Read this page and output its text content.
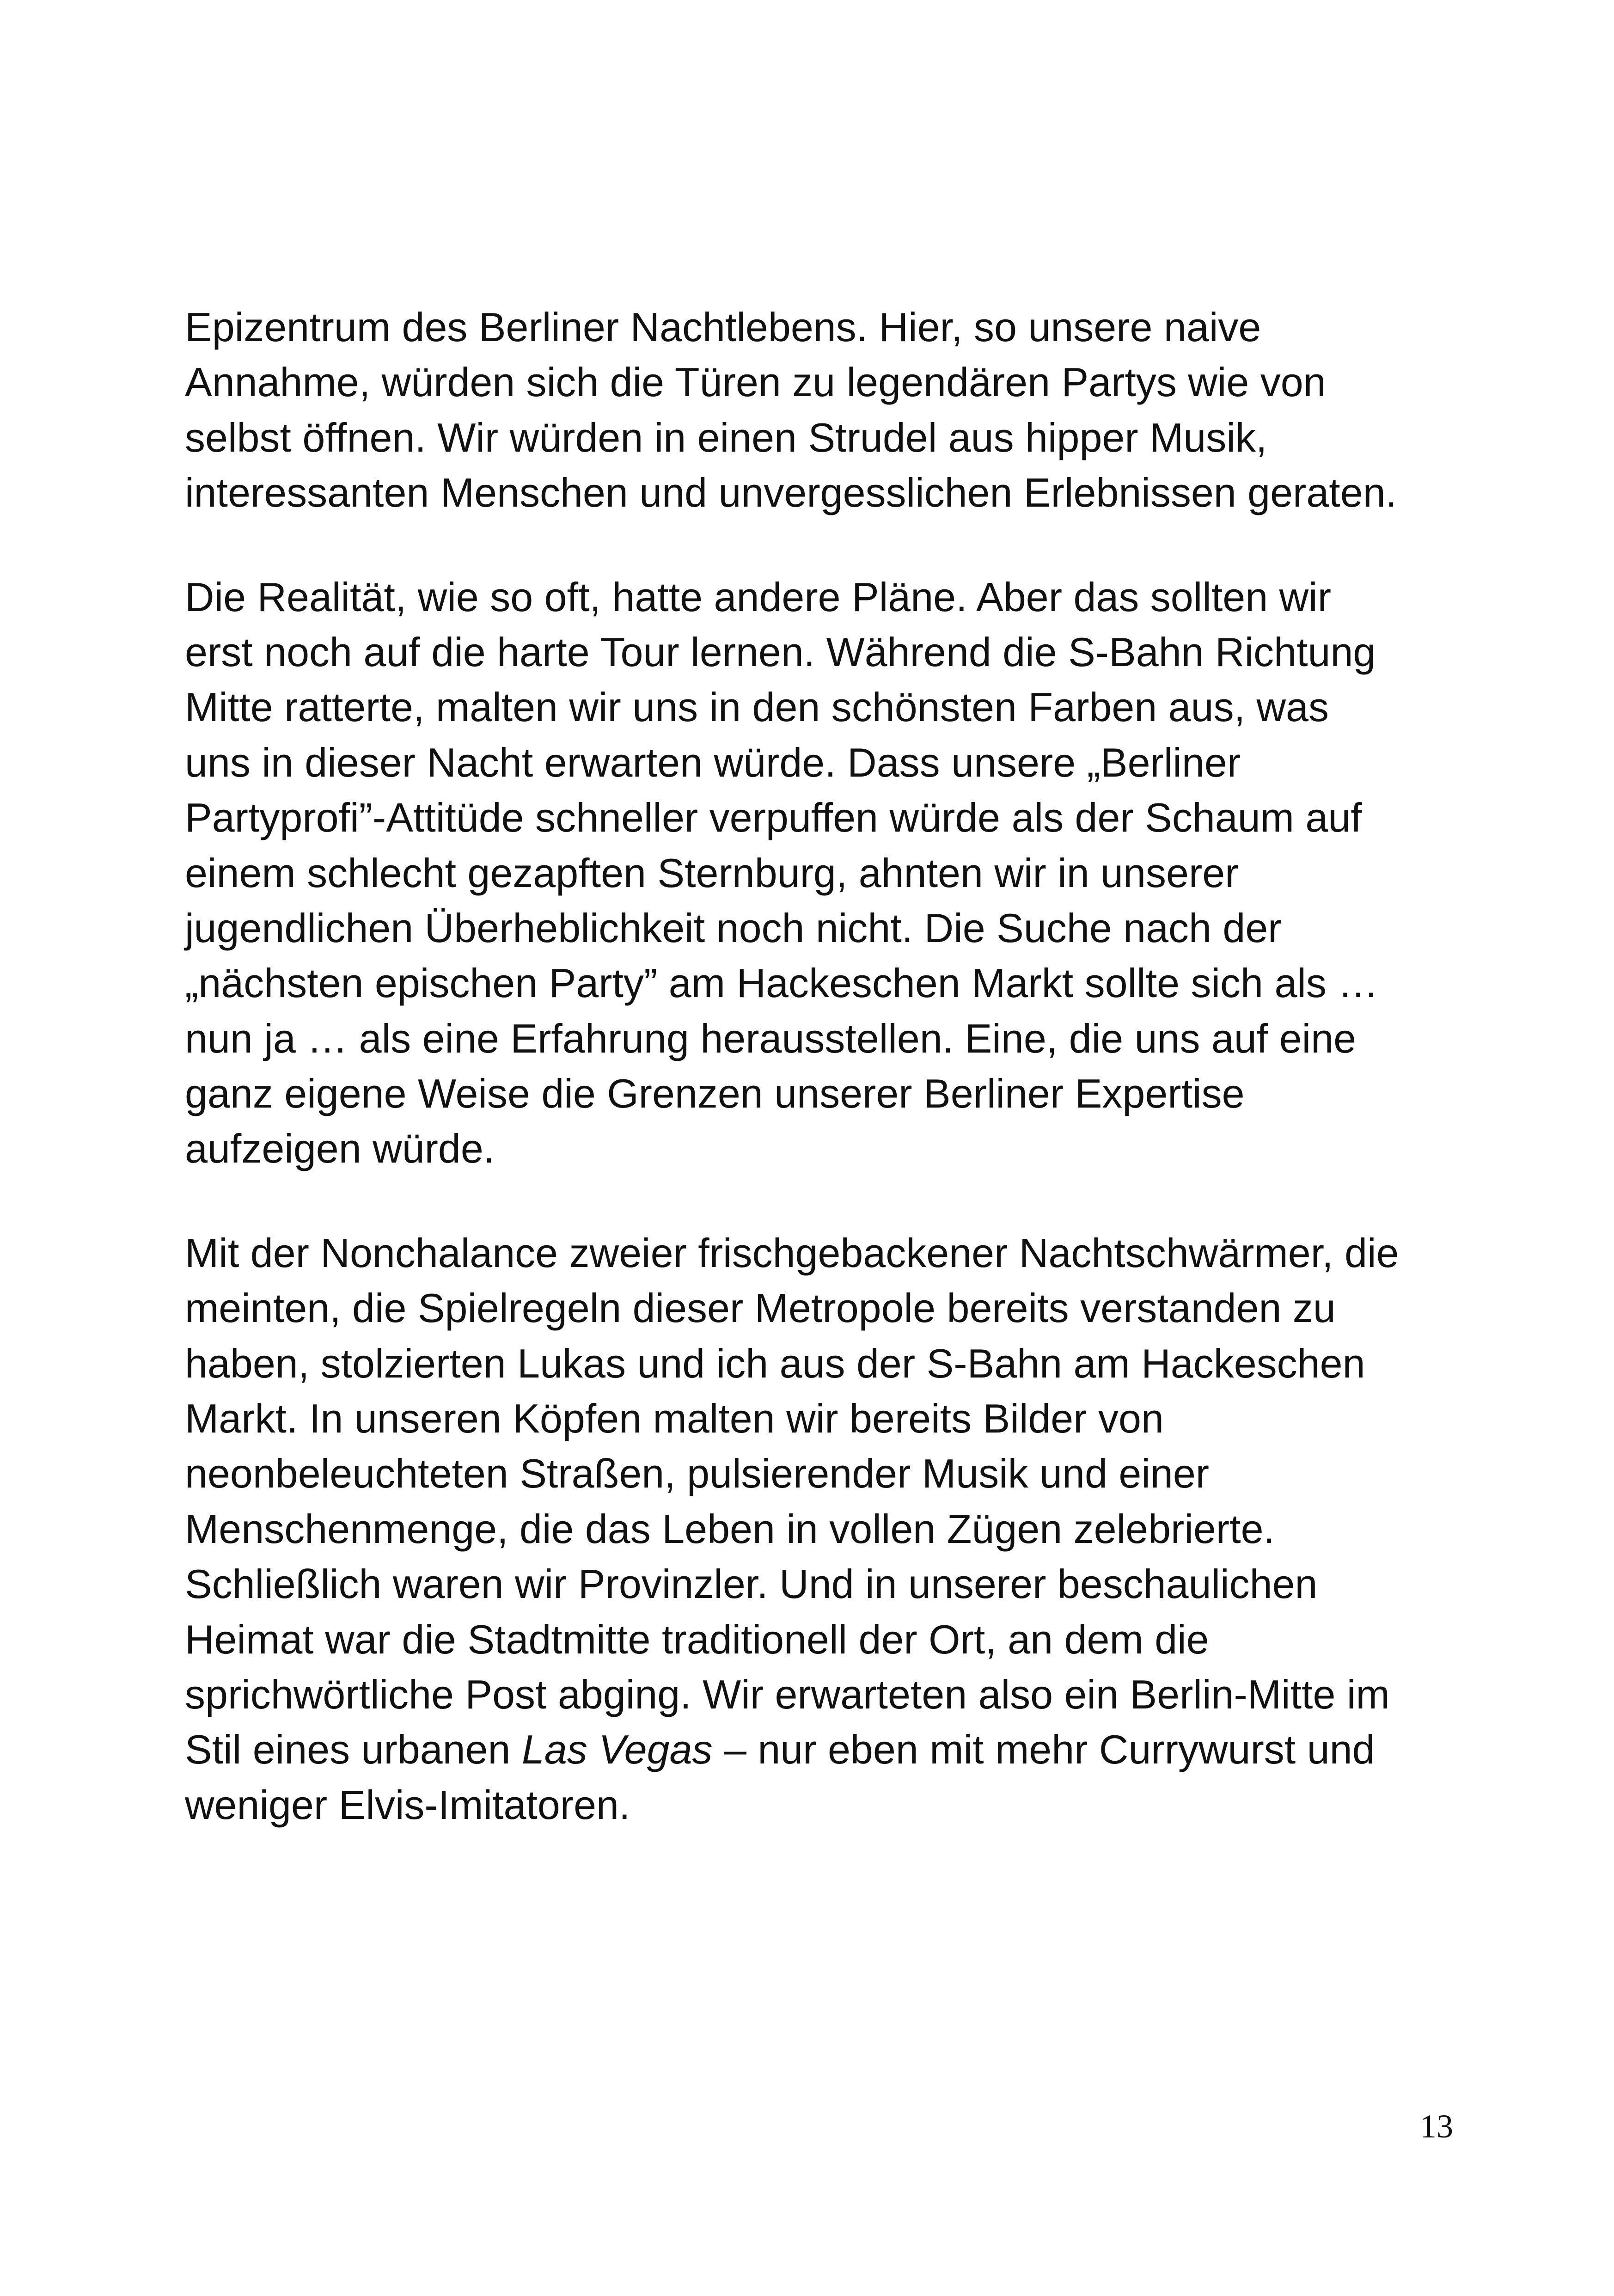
Epizentrum des Berliner Nachtlebens. Hier, so unsere naive
Annahme, würden sich die Türen zu legendären Partys wie von
selbst öffnen. Wir würden in einen Strudel aus hipper Musik,
interessanten Menschen und unvergesslichen Erlebnissen geraten.

Die Realität, wie so oft, hatte andere Pläne. Aber das sollten wir
erst noch auf die harte Tour lernen. Während die S-Bahn Richtung
Mitte ratterte, malten wir uns in den schönsten Farben aus, was
uns in dieser Nacht erwarten würde. Dass unsere „Berliner
Partyprofi”-Attitüde schneller verpuffen würde als der Schaum auf
einem schlecht gezapften Sternburg, ahnten wir in unserer
jugendlichen Überheblichkeit noch nicht. Die Suche nach der
„nächsten epischen Party” am Hackeschen Markt sollte sich als …
nun ja … als eine Erfahrung herausstellen. Eine, die uns auf eine
ganz eigene Weise die Grenzen unserer Berliner Expertise
aufzeigen würde.

Mit der Nonchalance zweier frischgebackener Nachtschwärmer, die
meinten, die Spielregeln dieser Metropole bereits verstanden zu
haben, stolzierten Lukas und ich aus der S-Bahn am Hackeschen
Markt. In unseren Köpfen malten wir bereits Bilder von
neonbeleuchteten Straßen, pulsierender Musik und einer
Menschenmenge, die das Leben in vollen Zügen zelebrierte.
Schließlich waren wir Provinzler. Und in unserer beschaulichen
Heimat war die Stadtmitte traditionell der Ort, an dem die
sprichwörtliche Post abging. Wir erwarteten also ein Berlin-Mitte im
Stil eines urbanen Las Vegas – nur eben mit mehr Currywurst und
weniger Elvis-Imitatoren.

13
